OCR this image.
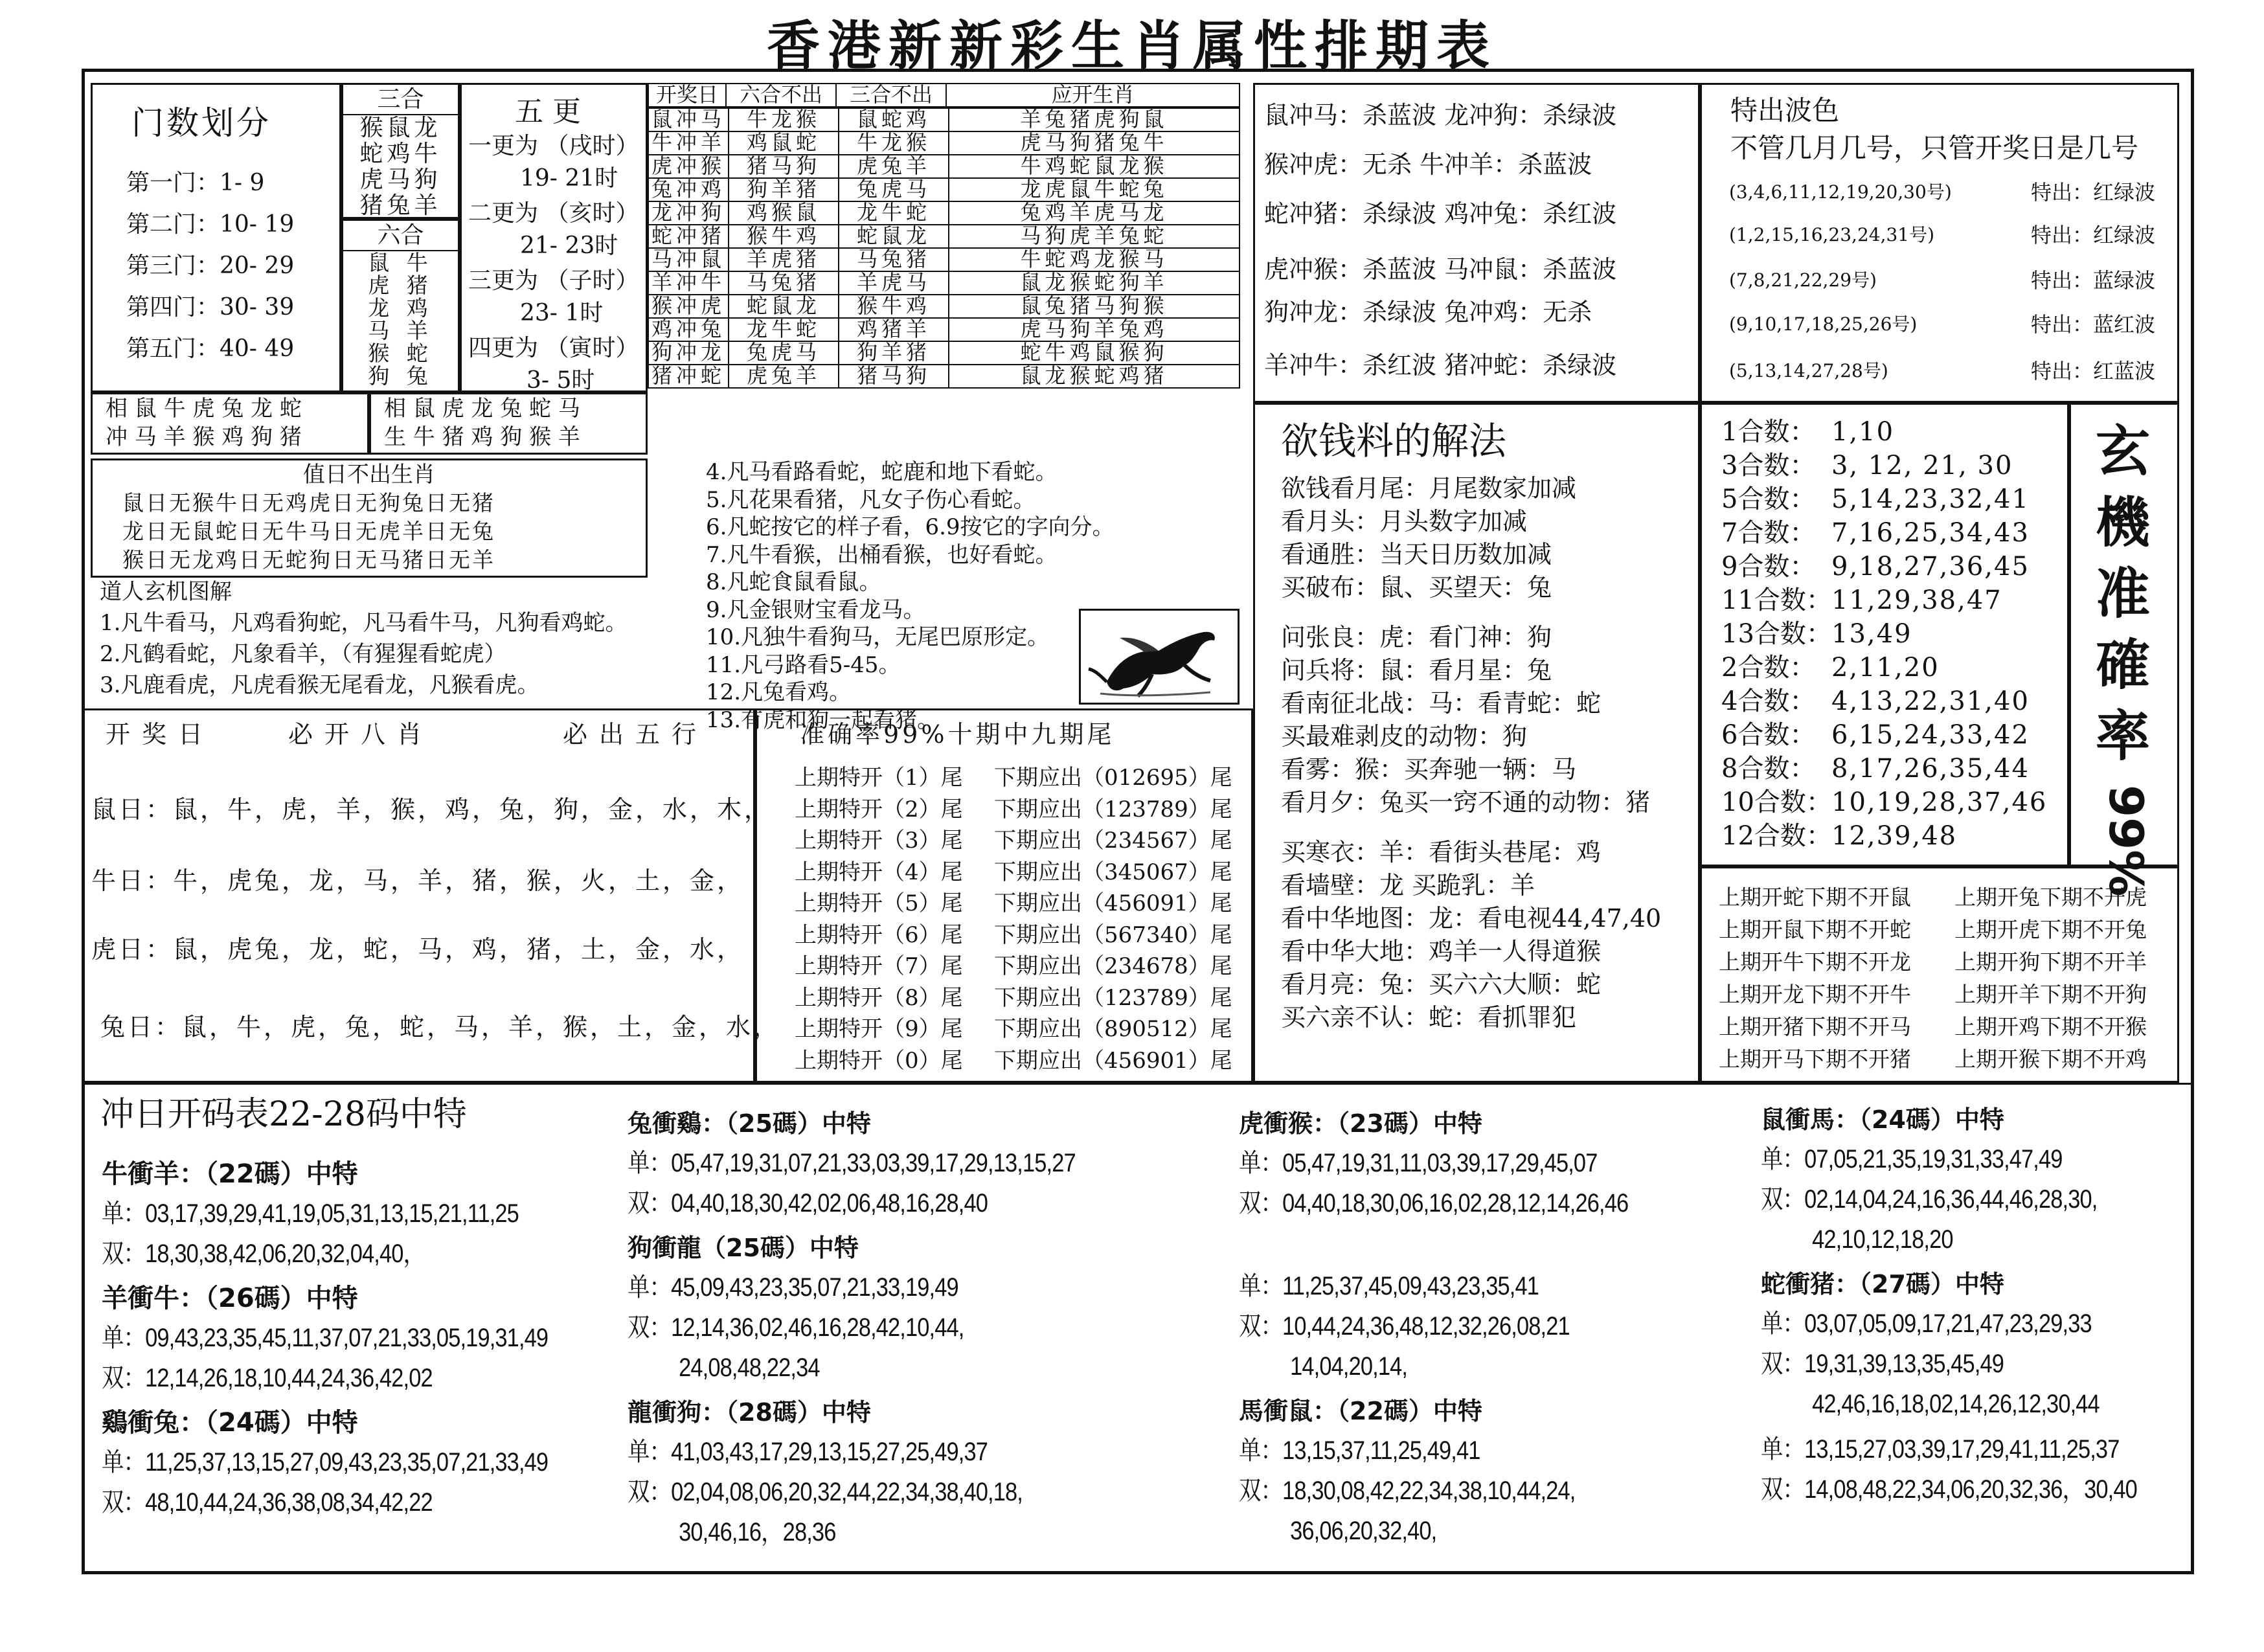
香港新新彩生肖属性排期表
门数划分
第一门：1- 9
第二门：10- 19
第三门：20- 29
第四门：30- 39
第五门：40- 49
三合
猴鼠龙
蛇鸡牛
虎马狗
猪兔羊
六合
鼠 牛
虎 猪
龙 鸡
马 羊
猴 蛇
狗 兔
五 更
一更为 （戌时）
19- 21时
二更为 （亥时）
21- 23时
三更为 （子时）
23- 1时
四更为 （寅时）
3- 5时
开奖日	六合不出	三合不出	应开生肖
鼠冲马	牛龙猴	鼠蛇鸡	羊兔猪虎狗鼠
牛冲羊	鸡鼠蛇	牛龙猴	虎马狗猪兔牛
虎冲猴	猪马狗	虎兔羊	牛鸡蛇鼠龙猴
兔冲鸡	狗羊猪	兔虎马	龙虎鼠牛蛇兔
龙冲狗	鸡猴鼠	龙牛蛇	兔鸡羊虎马龙
蛇冲猪	猴牛鸡	蛇鼠龙	马狗虎羊兔蛇
马冲鼠	羊虎猪	马兔猪	牛蛇鸡龙猴马
羊冲牛	马兔猪	羊虎马	鼠龙猴蛇狗羊
猴冲虎	蛇鼠龙	猴牛鸡	鼠兔猪马狗猴
鸡冲兔	龙牛蛇	鸡猪羊	虎马狗羊兔鸡
狗冲龙	兔虎马	狗羊猪	蛇牛鸡鼠猴狗
猪冲蛇	虎兔羊	猪马狗	鼠龙猴蛇鸡猪
相 鼠 牛 虎 兔 龙 蛇
冲 马 羊 猴 鸡 狗 猪
相 鼠 虎 龙 兔 蛇 马
生 牛 猪 鸡 狗 猴 羊
值日不出生肖
鼠日无猴牛日无鸡虎日无狗兔日无猪
龙日无鼠蛇日无牛马日无虎羊日无兔
猴日无龙鸡日无蛇狗日无马猪日无羊
道人玄机图解
1.凡牛看马，凡鸡看狗蛇，凡马看牛马，凡狗看鸡蛇。
2.凡鹤看蛇，凡象看羊，（有猩猩看蛇虎）
3.凡鹿看虎，凡虎看猴无尾看龙，凡猴看虎。
4.凡马看路看蛇，蛇鹿和地下看蛇。
5.凡花果看猪，凡女子伤心看蛇。
6.凡蛇按它的样子看，6.9按它的字向分。
7.凡牛看猴，出桶看猴，也好看蛇。
8.凡蛇食鼠看鼠。
9.凡金银财宝看龙马。
10.凡独牛看狗马，无尾巴原形定。
11.凡弓路看5-45。
12.凡兔看鸡。
13.有虎和狗一起看猪。
鼠冲马：杀蓝波 龙冲狗：杀绿波
猴冲虎：无杀 牛冲羊：杀蓝波
蛇冲猪：杀绿波 鸡冲兔：杀红波
虎冲猴：杀蓝波 马冲鼠：杀蓝波
狗冲龙：杀绿波 兔冲鸡：无杀
羊冲牛：杀红波 猪冲蛇：杀绿波
特出波色
不管几月几号，只管开奖日是几号
(3,4,6,11,12,19,20,30号)	特出：红绿波
(1,2,15,16,23,24,31号)	特出：红绿波
(7,8,21,22,29号)	特出：蓝绿波
(9,10,17,18,25,26号)	特出：蓝红波
(5,13,14,27,28号)	特出：红蓝波
欲钱料的解法
欲钱看月尾：月尾数家加减
看月头：月头数字加减
看通胜：当天日历数加减
买破布：鼠、买望天：兔
问张良：虎：看门神：狗
问兵将：鼠：看月星：兔
看南征北战：马：看青蛇：蛇
买最难剥皮的动物：狗
看雾：猴：买奔驰一辆：马
看月夕：兔买一窍不通的动物：猪
买寒衣：羊：看街头巷尾：鸡
看墙壁：龙 买跪乳：羊
看中华地图：龙：看电视44,47,40
看中华大地：鸡羊一人得道猴
看月亮：兔：买六六大顺：蛇
买六亲不认：蛇：看抓罪犯
1合数： 1,10
3合数： 3, 12, 21, 30
5合数： 5,14,23,32,41
7合数： 7,16,25,34,43
9合数： 9,18,27,36,45
11合数： 11,29,38,47
13合数： 13,49
2合数： 2,11,20
4合数： 4,13,22,31,40
6合数： 6,15,24,33,42
8合数： 8,17,26,35,44
10合数： 10,19,28,37,46
12合数： 12,39,48
玄
機
准
確
率
99%
上期开蛇下期不开鼠	上期开兔下期不开虎
上期开鼠下期不开蛇	上期开虎下期不开兔
上期开牛下期不开龙	上期开狗下期不开羊
上期开龙下期不开牛	上期开羊下期不开狗
上期开猪下期不开马	上期开鸡下期不开猴
上期开马下期不开猪	上期开猴下期不开鸡
开奖日	必开八肖	必出五行
鼠日：鼠，牛，虎，羊，猴，鸡，兔，狗，金，水，木，
牛日：牛，虎兔，龙，马，羊，猪，猴，火，土，金，
虎日：鼠，虎兔，龙，蛇，马，鸡，猪，土，金，水，
兔日：鼠，牛，虎，兔，蛇，马，羊，猴，土，金，水，
准确率99%十期中九期尾
上期特开（1）尾	下期应出（012695）尾
上期特开（2）尾	下期应出（123789）尾
上期特开（3）尾	下期应出（234567）尾
上期特开（4）尾	下期应出（345067）尾
上期特开（5）尾	下期应出（456091）尾
上期特开（6）尾	下期应出（567340）尾
上期特开（7）尾	下期应出（234678）尾
上期特开（8）尾	下期应出（123789）尾
上期特开（9）尾	下期应出（890512）尾
上期特开（0）尾	下期应出（456901）尾
冲日开码表22-28码中特
牛衝羊：（22碼）中特
单：03,17,39,29,41,19,05,31,13,15,21,11,25
双：18,30,38,42,06,20,32,04,40，
羊衝牛：（26碼）中特
单：09,43,23,35,45,11,37,07,21,33,05,19,31,49
双：12,14,26,18,10,44,24,36,42,02
鷄衝兔：（24碼）中特
单：11,25,37,13,15,27,09,43,23,35,07,21,33,49
双：48,10,44,24,36,38,08,34,42,22
兔衝鷄：（25碼）中特
单：05,47,19,31,07,21,33,03,39,17,29,13,15,27
双：04,40,18,30,42,02,06,48,16,28,40
狗衝龍（25碼）中特
单：45,09,43,23,35,07,21,33,19,49
双：12,14,36,02,46,16,28,42,10,44,
24,08,48,22,34
龍衝狗：（28碼）中特
单：41,03,43,17,29,13,15,27,25,49,37
双：02,04,08,06,20,32,44,22,34,38,40,18,
30,46,16，28,36
虎衝猴：（23碼）中特
单：05,47,19,31,11,03,39,17,29,45,07
双：04,40,18,30,06,16,02,28,12,14,26,46
单：11,25,37,45,09,43,23,35,41
双：10,44,24,36,48,12,32,26,08,21
14,04,20,14,
馬衝鼠：（22碼）中特
单：13,15,37,11,25,49,41
双：18,30,08,42,22,34,38,10,44,24,
36,06,20,32,40,
鼠衝馬：（24碼）中特
单：07,05,21,35,19,31,33,47,49
双：02,14,04,24,16,36,44,46,28,30,
42,10,12,18,20
蛇衝猪：（27碼）中特
单：03,07,05,09,17,21,47,23,29,33
双：19,31,39,13,35,45,49
42,46,16,18,02,14,26,12,30,44
单：13,15,27,03,39,17,29,41,11,25,37
双：14,08,48,22,34,06,20,32,36，30,40
